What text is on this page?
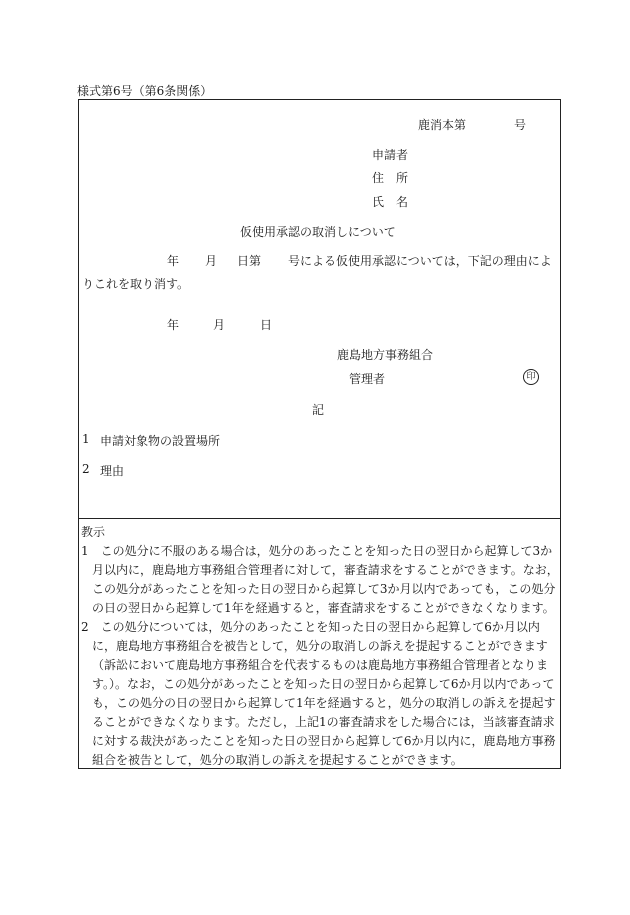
様式第6号（第6条関係）
鹿消本第	号
申請者
住　所
氏　名
仮使用承認の取消しについて
年 月 日第 号による仮使用承認については，下記の理由によ
りこれを取り消す。
年	月	日
鹿島地方事務組合
管理者	印
記
1 申請対象物の設置場所
2 理由
教示
1　この処分に不服のある場合は，処分のあったことを知った日の翌日から起算して3か
月以内に，鹿島地方事務組合管理者に対して，審査請求をすることができます。なお，
この処分があったことを知った日の翌日から起算して3か月以内であっても，この処分
の日の翌日から起算して1年を経過すると，審査請求をすることができなくなります。
2　この処分については，処分のあったことを知った日の翌日から起算して6か月以内
に，鹿島地方事務組合を被告として，処分の取消しの訴えを提起することができます
（訴訟において鹿島地方事務組合を代表するものは鹿島地方事務組合管理者となりま
す。）。なお，この処分があったことを知った日の翌日から起算して6か月以内であって
も，この処分の日の翌日から起算して1年を経過すると，処分の取消しの訴えを提起す
ることができなくなります。ただし，上記1の審査請求をした場合には，当該審査請求
に対する裁決があったことを知った日の翌日から起算して6か月以内に，鹿島地方事務
組合を被告として，処分の取消しの訴えを提起することができます。
